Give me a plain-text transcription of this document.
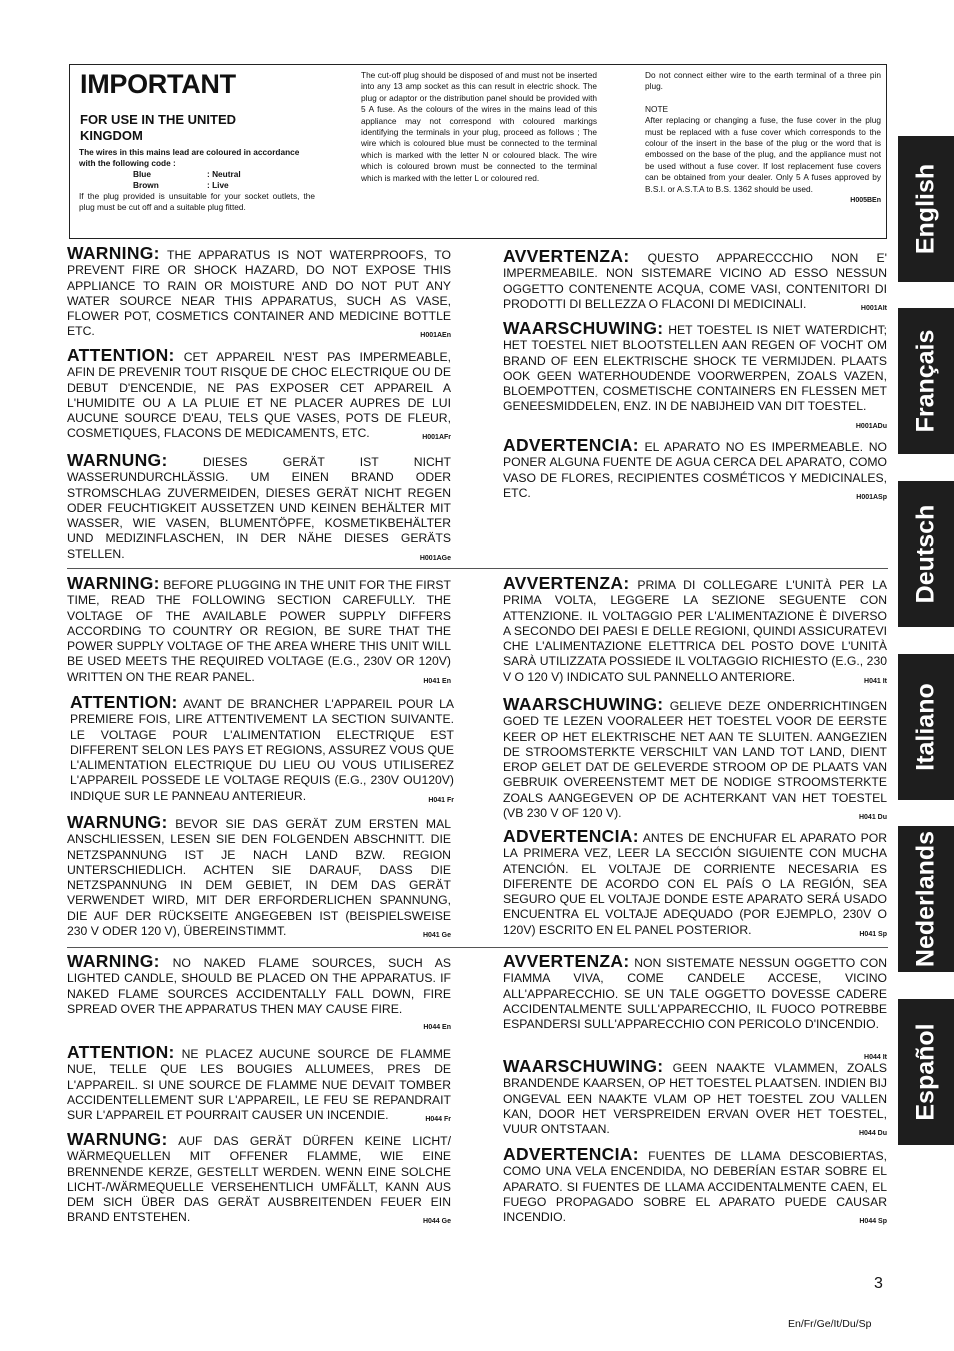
IMPORTANT
FOR USE IN THE UNITED KINGDOM
The wires in this mains lead are coloured in accordance with the following code :
Blue	: Neutral
Brown	: Live
If the plug provided is unsuitable for your socket outlets, the plug must be cut off and a suitable plug fitted.

The cut-off plug should be disposed of and must not be inserted into any 13 amp socket as this can result in electric shock. The plug or adaptor or the distribution panel should be provided with 5 A fuse. As the colours of the wires in the mains lead of this appliance may not correspond with coloured markings identifying the terminals in your plug, proceed as follows ; The wire which is coloured blue must be connected to the terminal which is marked with the letter N or coloured black. The wire which is coloured brown must be connected to the terminal which is marked with the letter L or coloured red.

Do not connect either wire to the earth terminal of a three pin plug.

NOTE

After replacing or changing a fuse, the fuse cover in the plug must be replaced with a fuse cover which corresponds to the colour of the insert in the base of the plug or the word that is embossed on the base of the plug, and the appliance must not be used without a fuse cover. If lost replacement fuse covers can be obtained from your dealer. Only 5 A fuses approved by B.S.I. or A.S.T.A to B.S. 1362 should be used.

H005BEn English
Français
Deutsch
Italiano
Nederlands
Español
WARNING: THE APPARATUS IS NOT WATERPROOFS, TO PREVENT FIRE OR SHOCK HAZARD, DO NOT EXPOSE THIS APPLIANCE TO RAIN OR MOISTURE AND DO NOT PUT ANY WATER SOURCE NEAR THIS APPARATUS, SUCH AS VASE, FLOWER POT, COSMETICS CONTAINER AND MEDICINE BOTTLE ETC.	H001AEn
ATTENTION: CET APPAREIL N'EST PAS IMPERMEABLE, AFIN DE PREVENIR TOUT RISQUE DE CHOC ELECTRIQUE OU DE DEBUT D'ENCENDIE, NE PAS EXPOSER CET APPAREIL A L'HUMIDITE OU A LA PLUIE ET NE PLACER AUPRES DE LUI AUCUNE SOURCE D'EAU, TELS QUE VASES, POTS DE FLEUR, COSMETIQUES, FLACONS DE MEDICAMENTS, ETC.	H001AFr
WARNUNG:	DIESES GERÄT IST NICHT WASSERUNDURCHLÄSSIG. UM EINEN BRAND ODER STROMSCHLAG ZUVERMEIDEN, DIESES GERÄT NICHT REGEN ODER FEUCHTIGKEIT AUSSETZEN UND KEINEN BEHÄLTER MIT WASSER, WIE VASEN, BLUMENTÖPFE, KOSMETIKBEHÄLTER UND MEDIZINFLASCHEN, IN DER NÄHE DIESES GERÄTS STELLEN.	H001AGe
AVVERTENZA: QUESTO APPARECCCHIO NON E' IMPERMEABILE. NON SISTEMARE VICINO AD ESSO NESSUN OGGETTO CONTENENTE ACQUA, COME VASI, CONTENITORI DI PRODOTTI DI BELLEZZA O FLACONI DI MEDICINALI.	H001AIt
WAARSCHUWING: HET TOESTEL IS NIET WATERDICHT; HET TOESTEL NIET BLOOTSTELLEN AAN REGEN OF VOCHT OM BRAND OF EEN ELEKTRISCHE SHOCK TE VERMIJDEN. PLAATS OOK GEEN WATERHOUDENDE VOORWERPEN, ZOALS VAZEN, BLOEMPOTTEN, COSMETISCHE CONTAINERS EN FLESSEN MET GENEESMIDDELEN, ENZ. IN DE NABIJHEID VAN DIT TOESTEL.
H001ADu
ADVERTENCIA: EL APARATO NO ES IMPERMEABLE. NO PONER ALGUNA FUENTE DE AGUA CERCA DEL APARATO, COMO VASO DE FLORES, RECIPIENTES COSMÉTICOS Y MEDICINALES, ETC.	H001ASp
WARNING: BEFORE PLUGGING IN THE UNIT FOR THE FIRST TIME, READ THE FOLLOWING SECTION CAREFULLY. THE VOLTAGE OF THE AVAILABLE POWER SUPPLY DIFFERS ACCORDING TO COUNTRY OR REGION, BE SURE THAT THE POWER SUPPLY VOLTAGE OF THE AREA WHERE THIS UNIT WILL BE USED MEETS THE REQUIRED VOLTAGE (E.G., 230V OR 120V) WRITTEN ON THE REAR PANEL.	H041 En
ATTENTION: AVANT DE BRANCHER L'APPAREIL POUR LA PREMIERE FOIS, LIRE ATTENTIVEMENT LA SECTION SUIVANTE. LE VOLTAGE POUR L'ALIMENTATION ELECTRIQUE EST DIFFERENT SELON LES PAYS ET REGIONS, ASSUREZ VOUS QUE L'ALIMENTATION ELECTRIQUE DU LIEU OU VOUS UTILISEREZ L'APPAREIL POSSEDE LE VOLTAGE REQUIS (E.G., 230V OU120V) INDIQUE SUR LE PANNEAU ANTERIEUR.	H041 Fr
WARNUNG: BEVOR SIE DAS GERÄT ZUM ERSTEN MAL ANSCHLIESSEN, LESEN SIE DEN FOLGENDEN ABSCHNITT. DIE NETZSPANNUNG IST JE NACH LAND BZW. REGION UNTERSCHIEDLICH. ACHTEN SIE DARAUF, DASS DIE NETZSPANNUNG IN DEM GEBIET, IN DEM DAS GERÄT VERWENDET WIRD, MIT DER ERFORDERLICHEN SPANNUNG, DIE AUF DER RÜCKSEITE ANGEGEBEN IST (BEISPIELSWEISE 230 V ODER 120 V), ÜBEREINSTIMMT.	H041 Ge
AVVERTENZA: PRIMA DI COLLEGARE L'UNITÀ PER LA PRIMA VOLTA, LEGGERE LA SEZIONE SEGUENTE CON ATTENZIONE. IL VOLTAGGIO PER L'ALIMENTAZIONE È DIVERSO A SECONDO DEI PAESI E DELLE REGIONI, QUINDI ASSICURATEVI CHE L'ALIMENTAZIONE ELETTRICA DEL POSTO DOVE L'UNITÀ SARÀ UTILIZZATA POSSIEDE IL VOLTAGGIO RICHIESTO (E.G., 230 V O 120 V) INDICATO SUL PANNELLO ANTERIORE.	H041 It
WAARSCHUWING: GELIEVE DEZE ONDERRICHTINGEN GOED TE LEZEN VOORALEER HET TOESTEL VOOR DE EERSTE KEER OP HET ELEKTRISCHE NET AAN TE SLUITEN. AANGEZIEN DE STROOMSTERKTE VERSCHILT VAN LAND TOT LAND, DIENT EROP GELET DAT DE GELEVERDE STROOM OP DE PLAATS VAN GEBRUIK OVEREENSTEMT MET DE NODIGE STROOMSTERKTE ZOALS AANGEGEVEN OP DE ACHTERKANT VAN HET TOESTEL (VB 230 V OF 120 V).	H041 Du
ADVERTENCIA: ANTES DE ENCHUFAR EL APARATO POR LA PRIMERA VEZ, LEER LA SECCIÓN SIGUIENTE CON MUCHA ATENCIÓN. EL VOLTAJE DE CORRIENTE NECESARIA ES DIFERENTE DE ACORDO CON EL PAÍS O LA REGIÓN, SEA SEGURO QUE EL VOLTAJE DONDE ESTE APARATO SERÁ USADO ENCUENTRA EL VOLTAJE ADEQUADO (POR EJEMPLO, 230V O 120V) ESCRITO EN EL PANEL POSTERIOR.	H041 Sp
WARNING: NO NAKED FLAME SOURCES, SUCH AS LIGHTED CANDLE, SHOULD BE PLACED ON THE APPARATUS. IF NAKED FLAME SOURCES ACCIDENTALLY FALL DOWN, FIRE SPREAD OVER THE APPARATUS THEN MAY CAUSE FIRE.
H044 En
ATTENTION: NE PLACEZ AUCUNE SOURCE DE FLAMME NUE, TELLE QUE LES BOUGIES ALLUMEES, PRES DE L'APPAREIL. SI UNE SOURCE DE FLAMME NUE DEVAIT TOMBER ACCIDENTELLEMENT SUR L'APPAREIL, LE FEU SE REPANDRAIT SUR L'APPAREIL ET POURRAIT CAUSER UN INCENDIE.	H044 Fr
WARNUNG: AUF DAS GERÄT DÜRFEN KEINE LICHT/ WÄRMEQUELLEN MIT OFFENER FLAMME, WIE EINE BRENNENDE KERZE, GESTELLT WERDEN. WENN EINE SOLCHE LICHT-/WÄRMEQUELLE VERSEHENTLICH UMFÄLLT, KANN AUS DEM SICH ÜBER DAS GERÄT AUSBREITENDEN FEUER EIN BRAND ENTSTEHEN.	H044 Ge
AVVERTENZA: NON SISTEMATE NESSUN OGGETTO CON FIAMMA VIVA, COME CANDELE ACCESE, VICINO ALL'APPARECCHIO. SE UN TALE OGGETTO DOVESSE CADERE ACCIDENTALMENTE SULL'APPARECCHIO, IL FUOCO POTREBBE ESPANDERSI SULL'APPARECCHIO CON PERICOLO D'INCENDIO.
H044 It
WAARSCHUWING: GEEN NAAKTE VLAMMEN, ZOALS BRANDENDE KAARSEN, OP HET TOESTEL PLAATSEN. INDIEN BIJ ONGEVAL EEN NAAKTE VLAM OP HET TOESTEL ZOU VALLEN KAN, DOOR HET VERSPREIDEN ERVAN OVER HET TOESTEL, VUUR ONTSTAAN.	H044 Du
ADVERTENCIA: FUENTES DE LLAMA DESCOBIERTAS, COMO UNA VELA ENCENDIDA, NO DEBERÍAN ESTAR SOBRE EL APARATO. SI FUENTES DE LLAMA ACCIDENTALMENTE CAEN, EL FUEGO PROPAGADO SOBRE EL APARATO PUEDE CAUSAR INCENDIO.	H044 Sp
3
En/Fr/Ge/It/Du/Sp
